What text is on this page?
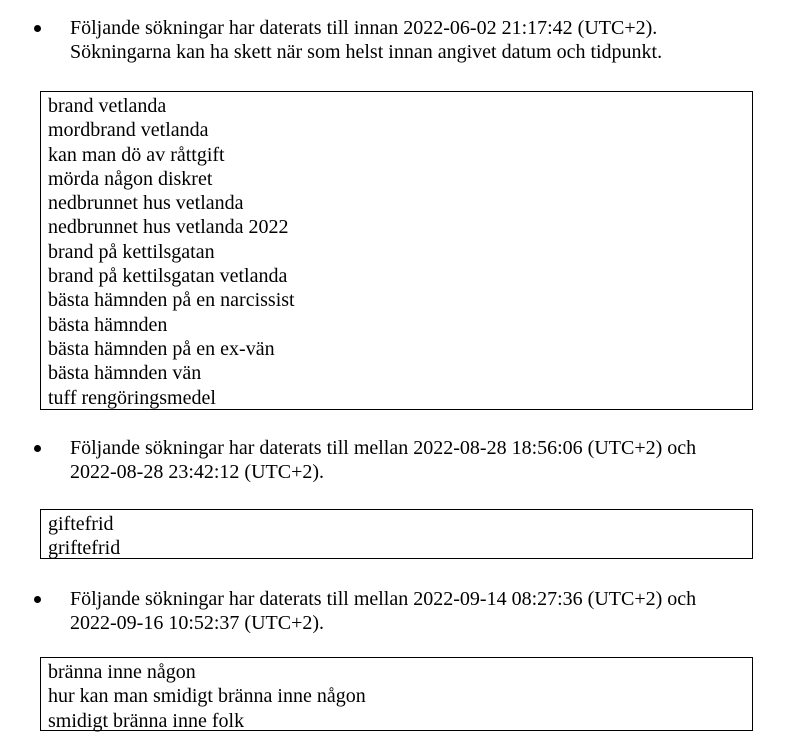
Följande sökningar har daterats till innan 2022-06-02 21:17:42 (UTC+2).
Sökningarna kan ha skett när som helst innan angivet datum och tidpunkt.
brand vetlanda
mordbrand vetlanda
kan man dö av råttgift
mörda någon diskret
nedbrunnet hus vetlanda
nedbrunnet hus vetlanda 2022
brand på kettilsgatan
brand på kettilsgatan vetlanda
bästa hämnden på en narcissist
bästa hämnden
bästa hämnden på en ex-vän
bästa hämnden vän
tuff rengöringsmedel
Följande sökningar har daterats till mellan 2022-08-28 18:56:06 (UTC+2) och
2022-08-28 23:42:12 (UTC+2).
giftefrid
griftefrid
Följande sökningar har daterats till mellan 2022-09-14 08:27:36 (UTC+2) och
2022-09-16 10:52:37 (UTC+2).
bränna inne någon
hur kan man smidigt bränna inne någon
smidigt bränna inne folk
